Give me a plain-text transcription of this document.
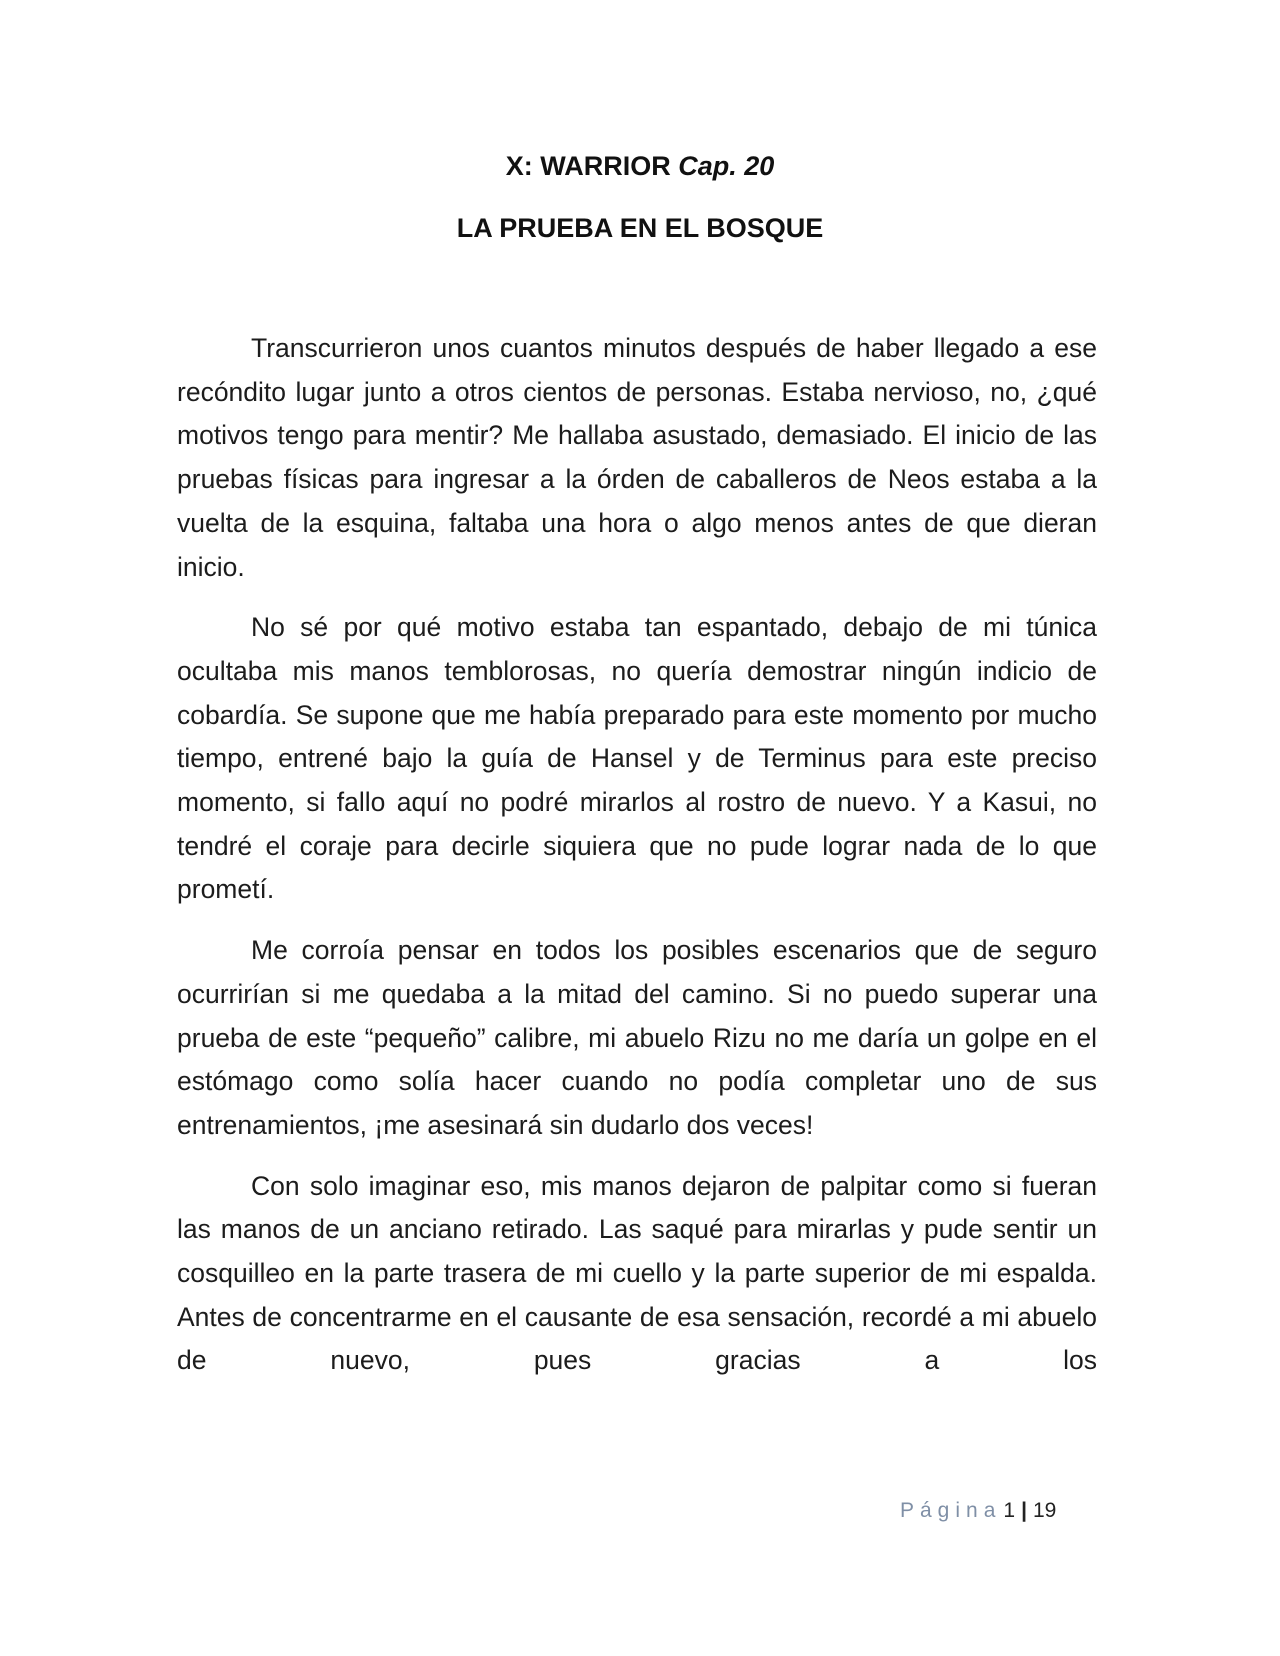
X: WARRIOR Cap. 20
LA PRUEBA EN EL BOSQUE

Transcurrieron unos cuantos minutos después de haber llegado a ese recóndito lugar junto a otros cientos de personas. Estaba nervioso, no, ¿qué motivos tengo para mentir? Me hallaba asustado, demasiado. El inicio de las pruebas físicas para ingresar a la órden de caballeros de Neos estaba a la vuelta de la esquina, faltaba una hora o algo menos antes de que dieran inicio.

No sé por qué motivo estaba tan espantado, debajo de mi túnica ocultaba mis manos temblorosas, no quería demostrar ningún indicio de cobardía. Se supone que me había preparado para este momento por mucho tiempo, entrené bajo la guía de Hansel y de Terminus para este preciso momento, si fallo aquí no podré mirarlos al rostro de nuevo. Y a Kasui, no tendré el coraje para decirle siquiera que no pude lograr nada de lo que prometí.

Me corroía pensar en todos los posibles escenarios que de seguro ocurrirían si me quedaba a la mitad del camino. Si no puedo superar una prueba de este “pequeño” calibre, mi abuelo Rizu no me daría un golpe en el estómago como solía hacer cuando no podía completar uno de sus entrenamientos, ¡me asesinará sin dudarlo dos veces!

Con solo imaginar eso, mis manos dejaron de palpitar como si fueran las manos de un anciano retirado. Las saqué para mirarlas y pude sentir un cosquilleo en la parte trasera de mi cuello y la parte superior de mi espalda. Antes de concentrarme en el causante de esa sensación, recordé a mi abuelo de nuevo, pues gracias a los

Página1 | 19
